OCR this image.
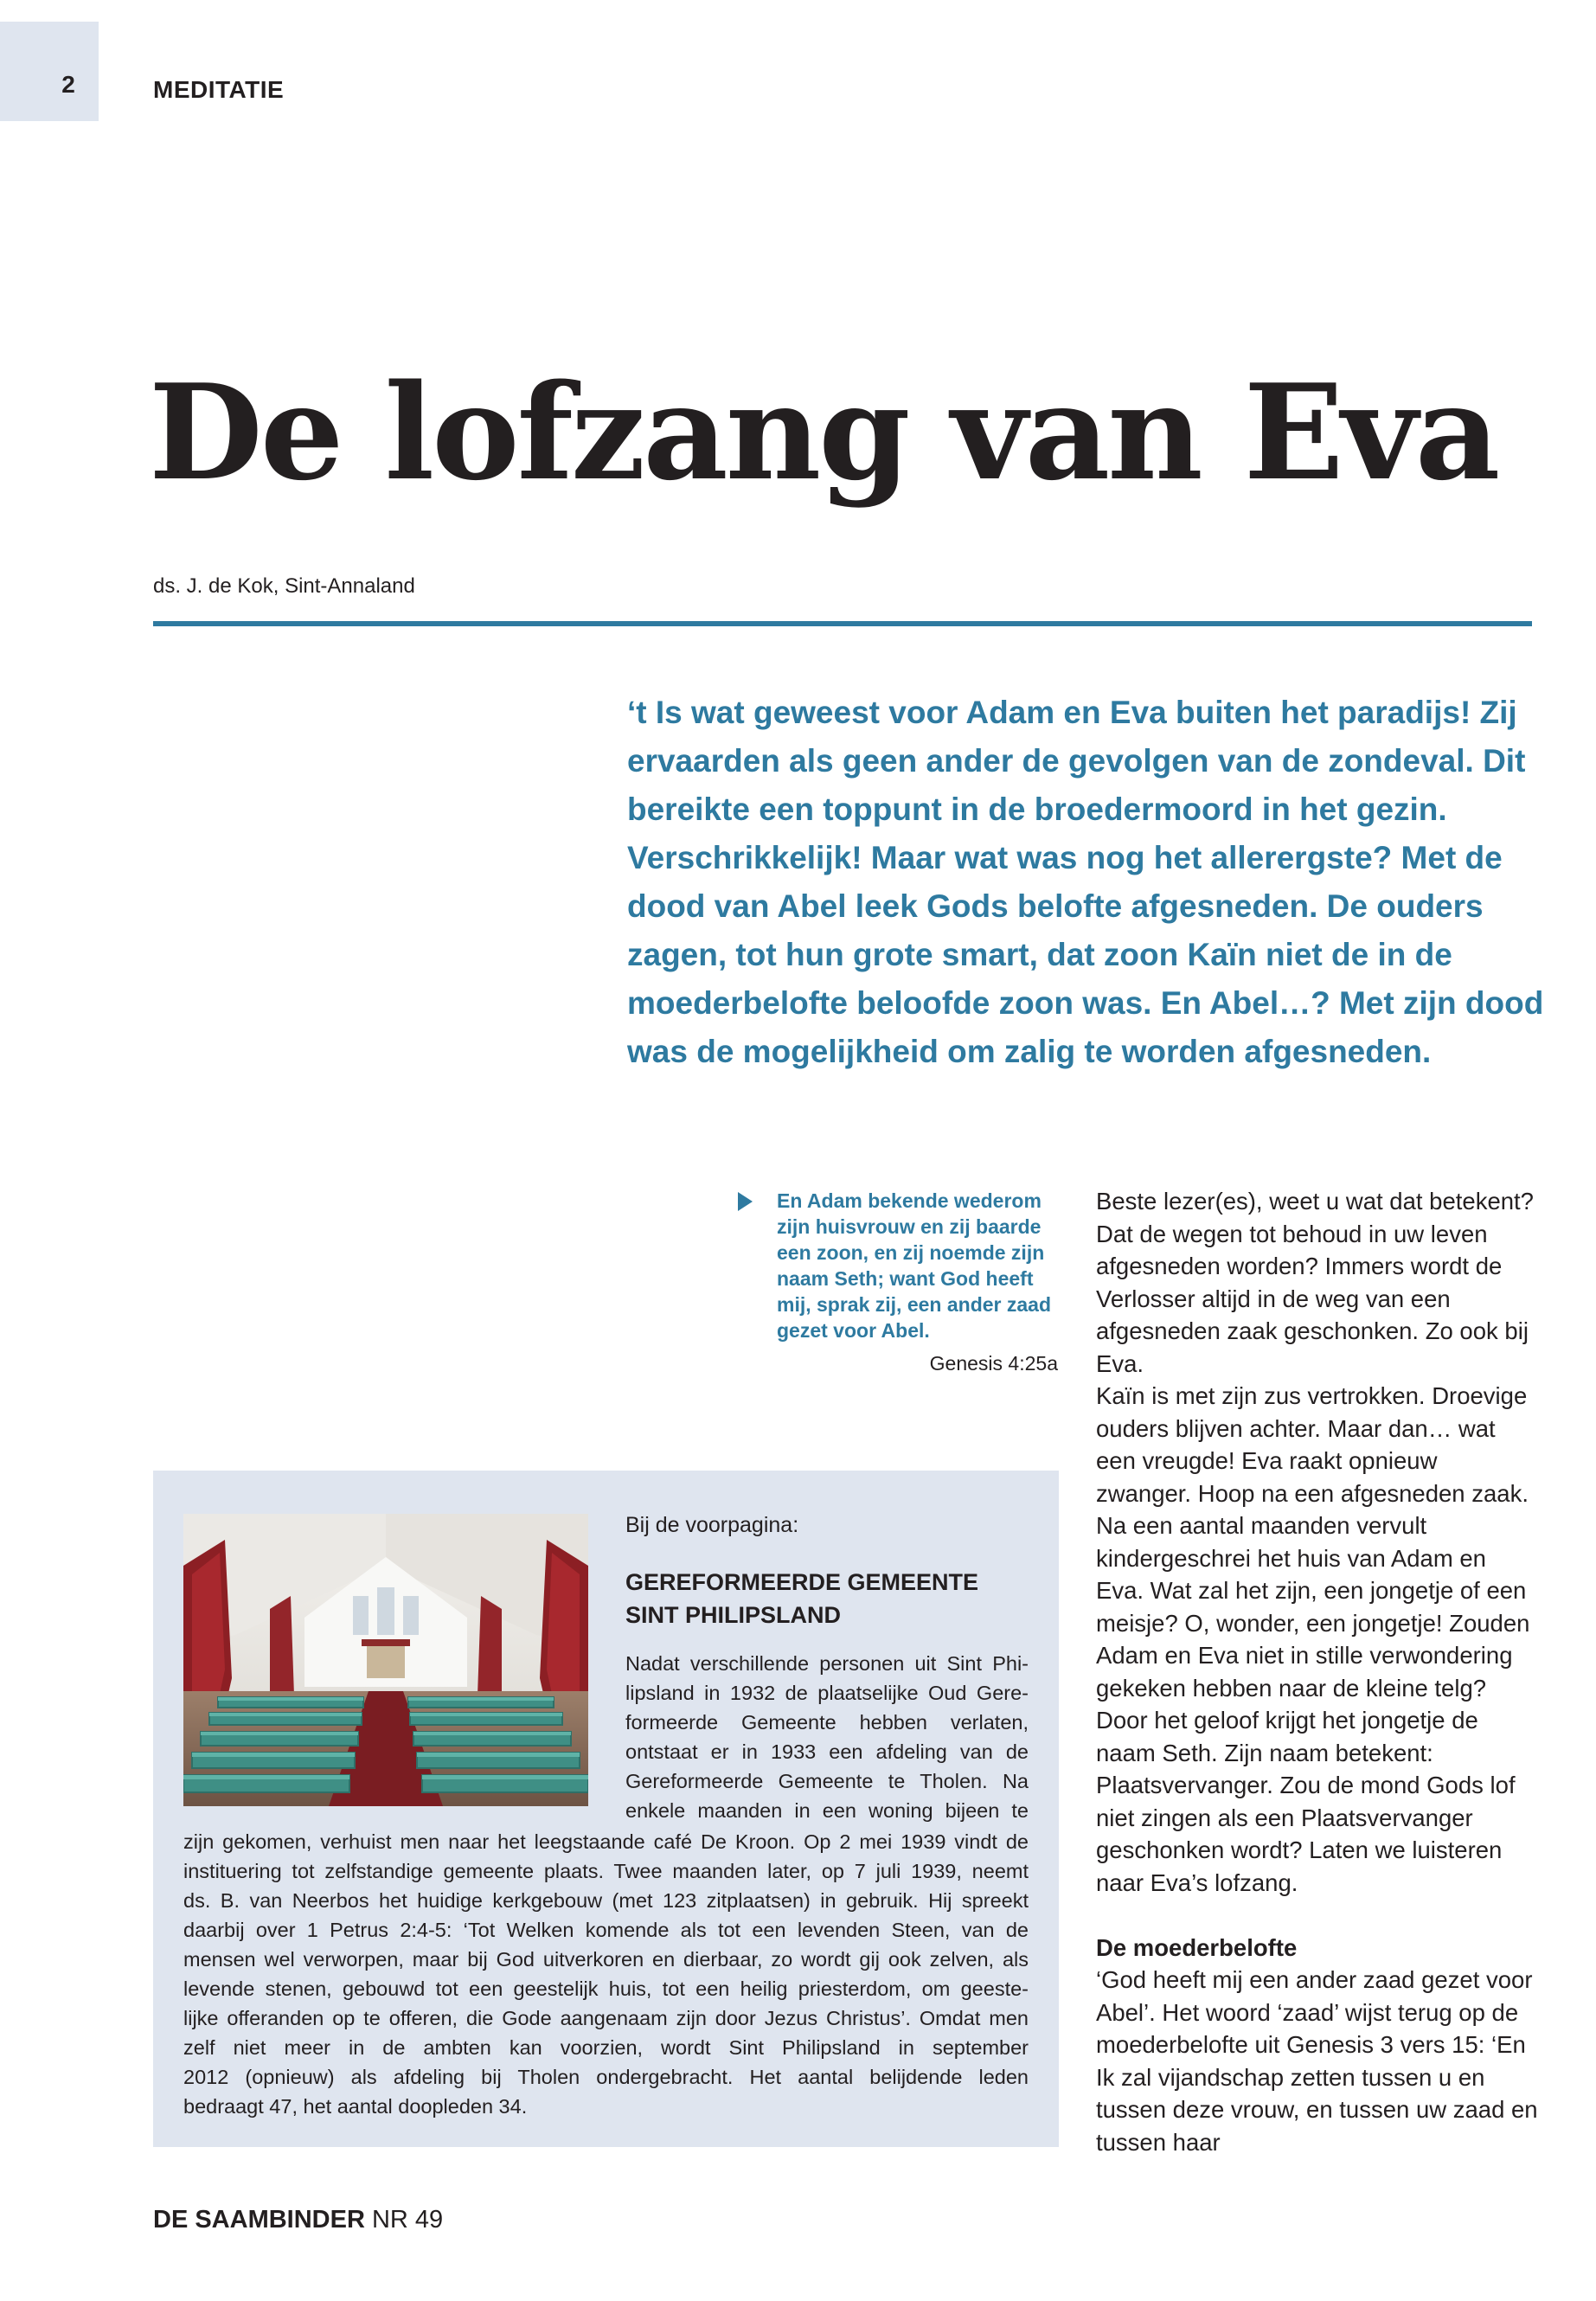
2	MEDITATIE
De lofzang van Eva
ds. J. de Kok, Sint-Annaland

‘t Is wat geweest voor Adam en Eva buiten het paradijs! Zij ervaarden als geen ander de gevolgen van de zondeval. Dit bereikte een toppunt in de broedermoord in het gezin. Verschrikkelijk! Maar wat was nog het allerergste? Met de dood van Abel leek Gods belofte afgesneden. De ouders zagen, tot hun grote smart, dat zoon Kaïn niet de in de moederbelofte beloofde zoon was. En Abel…? Met zijn dood was de mogelijkheid om zalig te worden afgesneden.

En Adam bekende wederom zijn huisvrouw en zij baarde een zoon, en zij noemde zijn naam Seth; want God heeft mij, sprak zij, een ander zaad gezet voor Abel.
Genesis 4:25a
Bij de voorpagina:
GEREFORMEERDE GEMEENTE
SINT PHILIPSLAND
Nadat verschillende personen uit Sint Phi-
lipsland in 1932 de plaatselijke Oud Gere-
formeerde Gemeente hebben verlaten,
ontstaat er in 1933 een afdeling van de
Gereformeerde Gemeente te Tholen. Na
enkele maanden in een woning bijeen te
zijn gekomen, verhuist men naar het leegstaande café De Kroon. Op 2 mei 1939 vindt de
instituering tot zelfstandige gemeente plaats. Twee maanden later, op 7 juli 1939, neemt
ds. B. van Neerbos het huidige kerkgebouw (met 123 zitplaatsen) in gebruik. Hij spreekt
daarbij over 1 Petrus 2:4-5: ‘Tot Welken komende als tot een levenden Steen, van de
mensen wel verworpen, maar bij God uitverkoren en dierbaar, zo wordt gij ook zelven, als
levende stenen, gebouwd tot een geestelijk huis, tot een heilig priesterdom, om geeste-
lijke offeranden op te offeren, die Gode aangenaam zijn door Jezus Christus’. Omdat men
zelf niet meer in de ambten kan voorzien, wordt Sint Philipsland in september
2012 (opnieuw) als afdeling bij Tholen ondergebracht. Het aantal belijdende leden
bedraagt 47, het aantal doopleden 34.

Beste lezer(es), weet u wat dat betekent? Dat de wegen tot behoud in uw leven afgesneden worden? Immers wordt de Verlosser altijd in de weg van een afgesneden zaak geschonken. Zo ook bij Eva.

Kaïn is met zijn zus vertrokken. Droevige ouders blijven achter. Maar dan… wat een vreugde! Eva raakt opnieuw zwanger. Hoop na een afgesneden zaak. Na een aantal maanden vervult kindergeschrei het huis van Adam en Eva. Wat zal het zijn, een jongetje of een meisje? O, wonder, een jongetje! Zouden Adam en Eva niet in stille verwondering gekeken hebben naar de kleine telg? Door het geloof krijgt het jongetje de naam Seth. Zijn naam betekent: Plaatsvervanger. Zou de mond Gods lof niet zingen als een Plaatsvervanger geschonken wordt? Laten we luisteren naar Eva’s lofzang.

De moederbelofte

‘God heeft mij een ander zaad gezet voor Abel’. Het woord ‘zaad’ wijst terug op de moederbelofte uit Genesis 3 vers 15: ‘En Ik zal vijandschap zetten tussen u en tussen deze vrouw, en tussen uw zaad en tussen haar

DE SAAMBINDER NR 49
